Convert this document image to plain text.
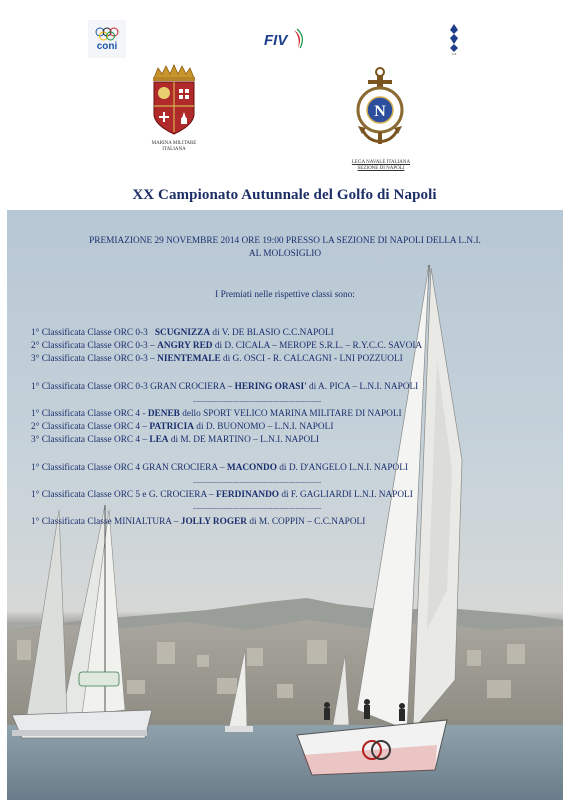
coni	FIV
LNI
MARINA MILITARE
ITALIANA
N
LEGA NAVALE ITALIANA
SEZIONE DI NAPOLI
XX Campionato Autunnale del Golfo di Napoli
PREMIAZIONE 29 NOVEMBRE 2014 ORE 19:00 PRESSO LA SEZIONE DI NAPOLI DELLA L.N.I.
AL MOLOSIGLIO
I Premiati nelle rispettive classi sono:
1° Classificata Classe ORC 0-3 SCUGNIZZA di V. DE BLASIO C.C.NAPOLI
2° Classificata Classe ORC 0-3 – ANGRY RED di D. CICALA – MEROPE S.R.L. – R.Y.C.C. SAVOIA
3° Classificata Classe ORC 0-3 – NIENTEMALE di G. OSCI - R. CALCAGNI - LNI POZZUOLI
1° Classificata Classe ORC 0-3 GRAN CROCIERA – HERING ORASI' di A. PICA – L.N.I. NAPOLI
-------------------------------------------------------
1° Classificata Classe ORC 4 - DENEB dello SPORT VELICO MARINA MILITARE DI NAPOLI
2° Classificata Classe ORC 4 – PATRICIA di D. BUONOMO – L.N.I. NAPOLI
3° Classificata Classe ORC 4 – LEA di M. DE MARTINO – L.N.I. NAPOLI
1° Classificata Classe ORC 4 GRAN CROCIERA – MACONDO di D. D'ANGELO L.N.I. NAPOLI
-------------------------------------------------------
1° Classificata Classe ORC 5 e G. CROCIERA – FERDINANDO di F. GAGLIARDI L.N.I. NAPOLI
-------------------------------------------------------
1° Classificata Classe MINIALTURA – JOLLY ROGER di M. COPPIN – C.C.NAPOLI
